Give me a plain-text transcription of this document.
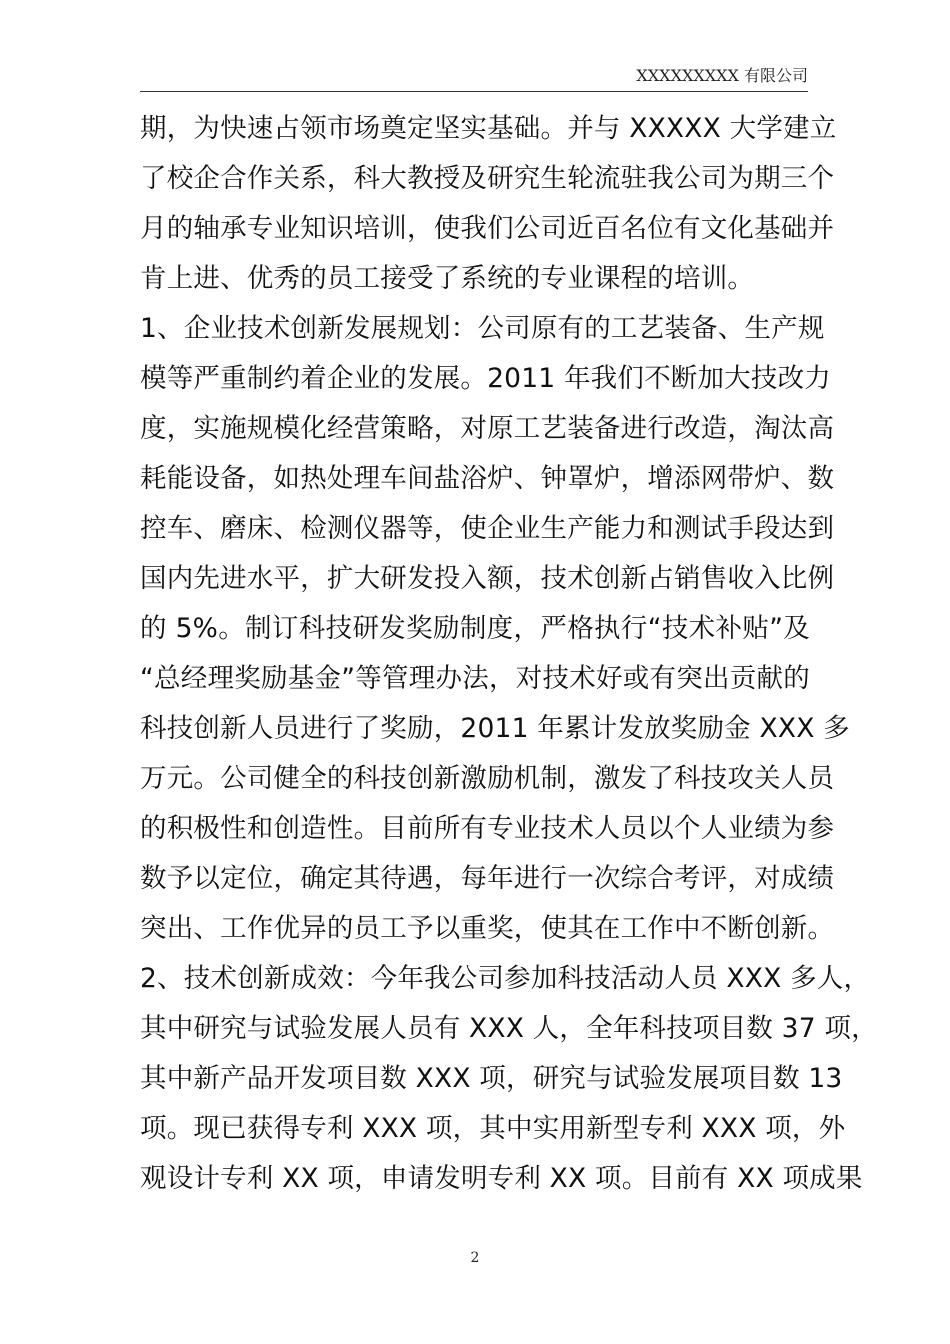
XXXXXXXXX 有限公司
期，为快速占领市场奠定坚实基础。并与 XXXXX 大学建立
了校企合作关系，科大教授及研究生轮流驻我公司为期三个
月的轴承专业知识培训，使我们公司近百名位有文化基础并
肯上进、优秀的员工接受了系统的专业课程的培训。
1、企业技术创新发展规划：公司原有的工艺装备、生产规
模等严重制约着企业的发展。2011 年我们不断加大技改力
度，实施规模化经营策略，对原工艺装备进行改造，淘汰高
耗能设备，如热处理车间盐浴炉、钟罩炉，增添网带炉、数
控车、磨床、检测仪器等，使企业生产能力和测试手段达到
国内先进水平，扩大研发投入额，技术创新占销售收入比例
的 5%。制订科技研发奖励制度，严格执行“技术补贴”及
“总经理奖励基金”等管理办法，对技术好或有突出贡献的
科技创新人员进行了奖励，2011 年累计发放奖励金 XXX 多
万元。公司健全的科技创新激励机制，激发了科技攻关人员
的积极性和创造性。目前所有专业技术人员以个人业绩为参
数予以定位，确定其待遇，每年进行一次综合考评，对成绩
突出、工作优异的员工予以重奖，使其在工作中不断创新。
2、技术创新成效：今年我公司参加科技活动人员 XXX 多人，
其中研究与试验发展人员有 XXX 人，全年科技项目数 37 项，
其中新产品开发项目数 XXX 项，研究与试验发展项目数 13
项。现已获得专利 XXX 项，其中实用新型专利 XXX 项，外
观设计专利 XX 项，申请发明专利 XX 项。目前有 XX 项成果
2
